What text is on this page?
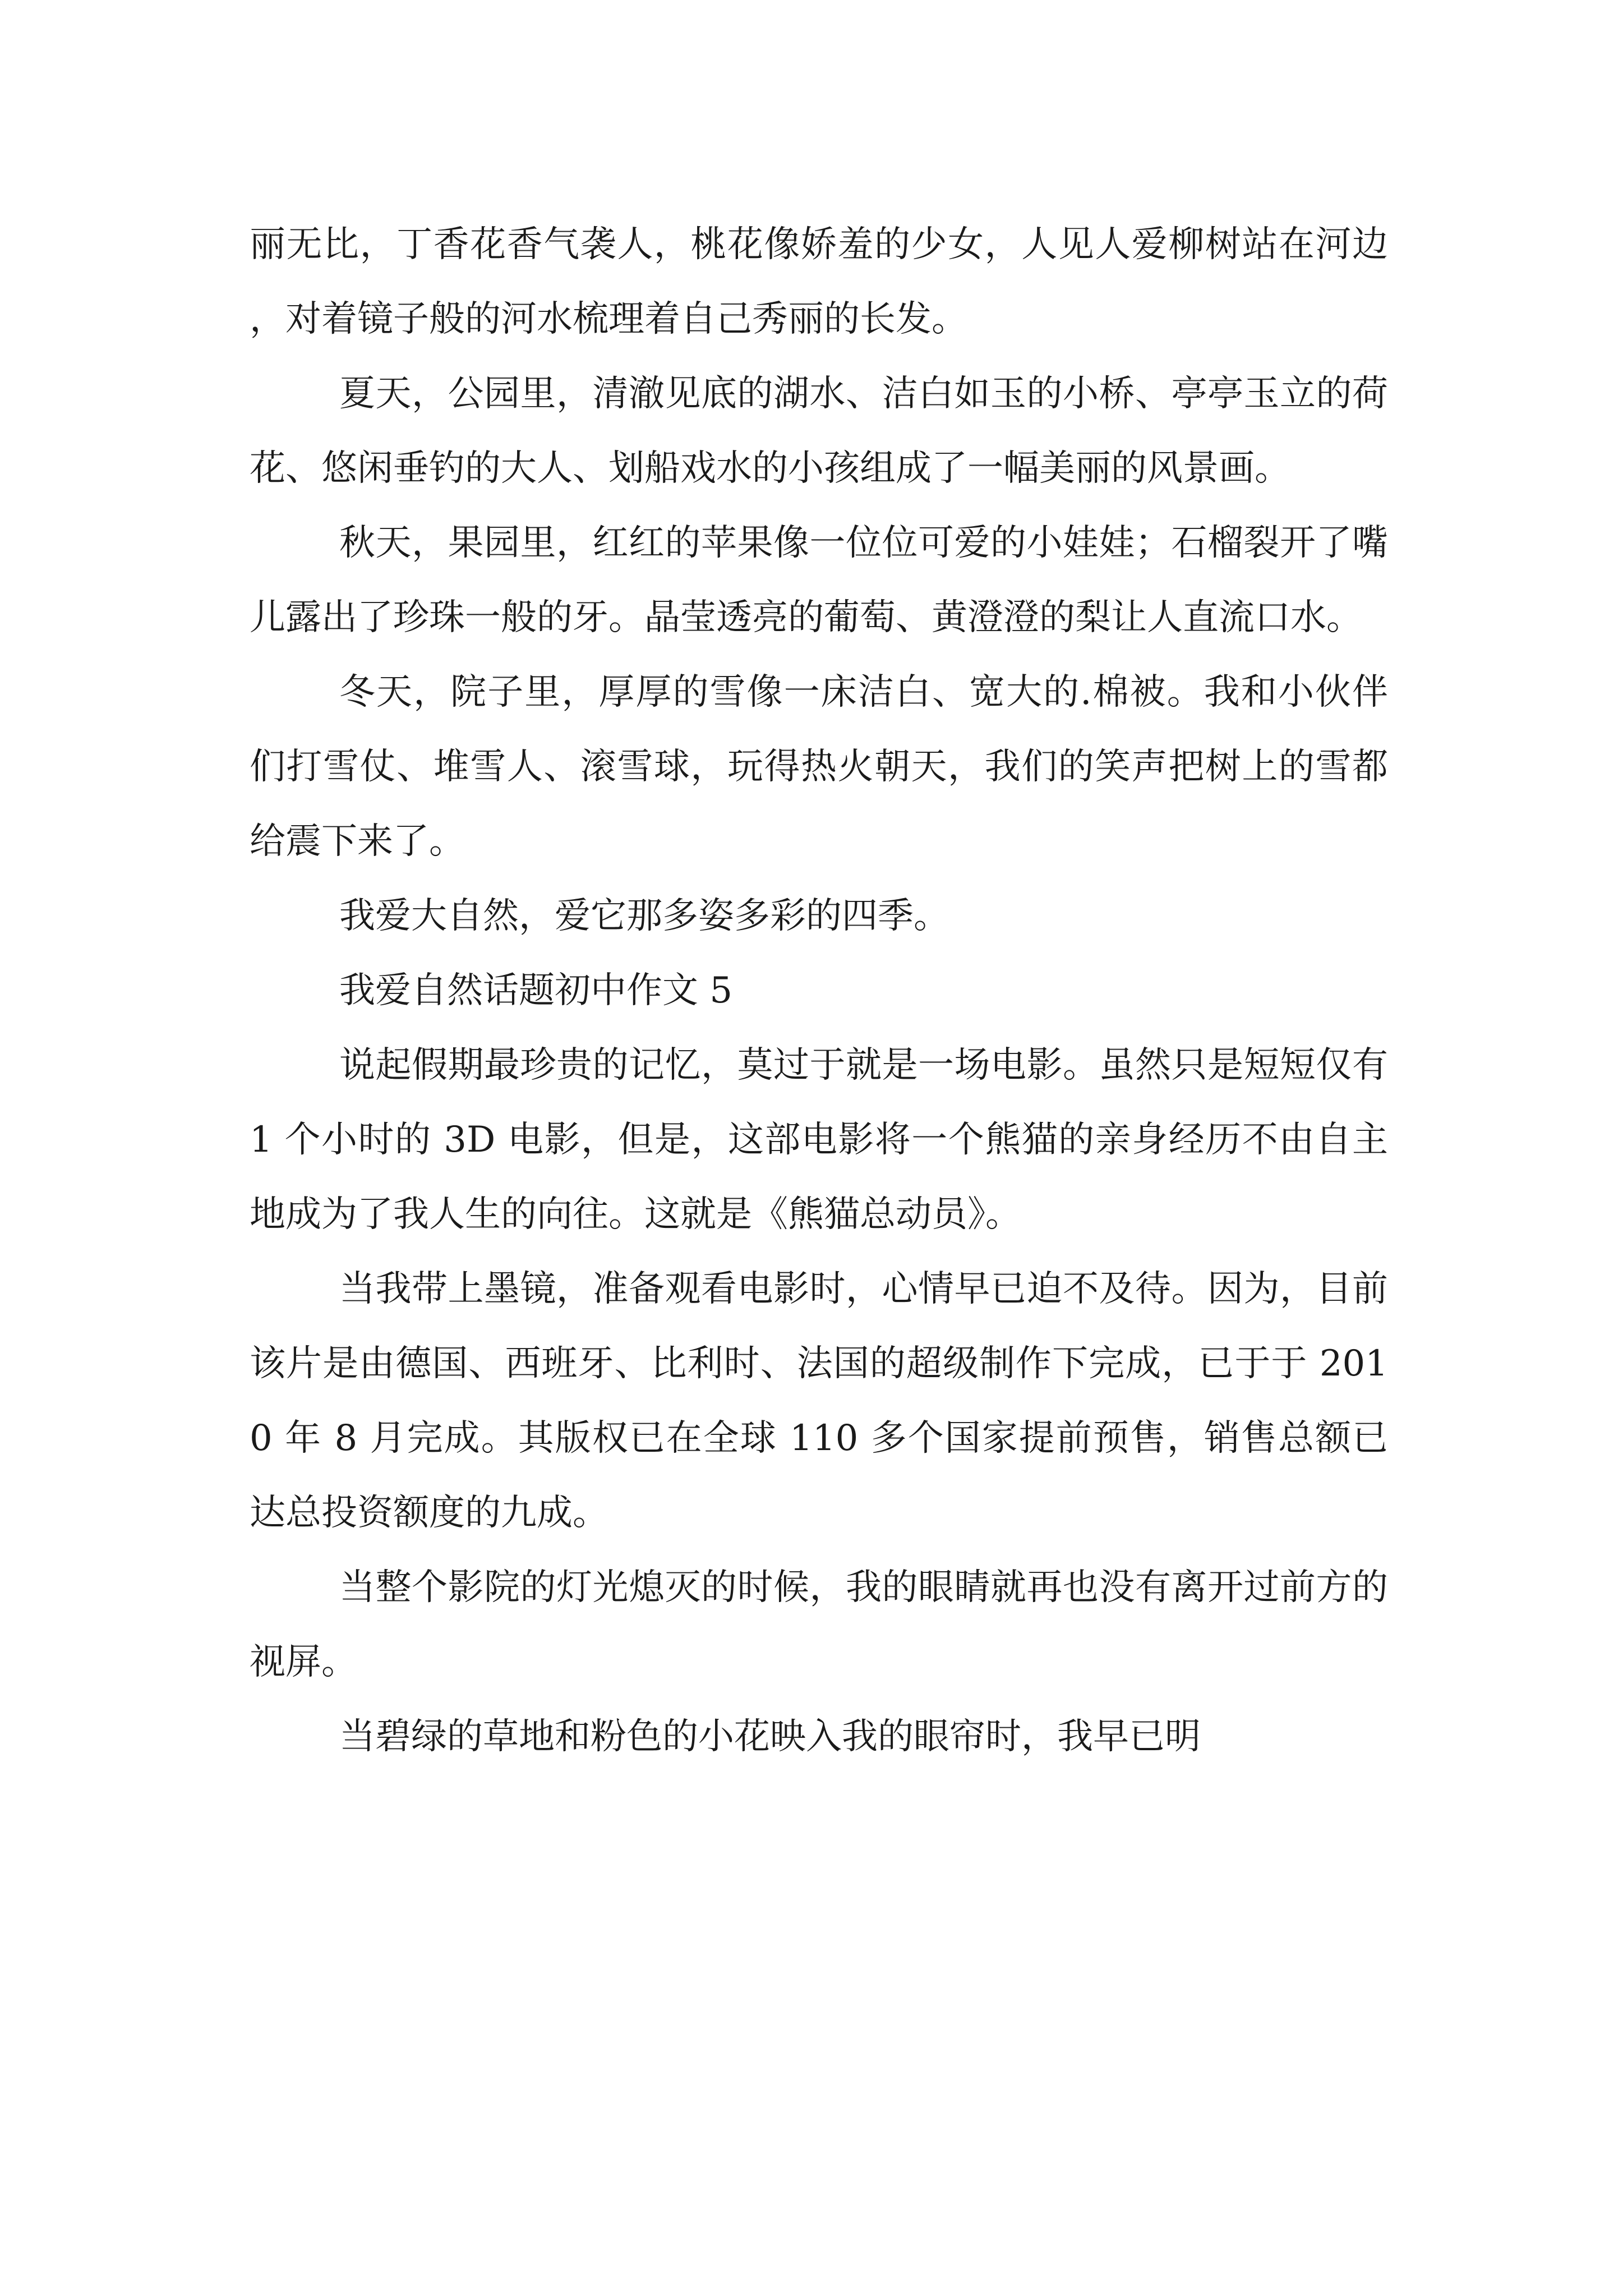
丽无比，丁香花香气袭人，桃花像娇羞的少女，人见人爱柳树站在河边，对着镜子般的河水梳理着自己秀丽的长发。

夏天，公园里，清澈见底的湖水、洁白如玉的小桥、亭亭玉立的荷花、悠闲垂钓的大人、划船戏水的小孩组成了一幅美丽的风景画。

秋天，果园里，红红的苹果像一位位可爱的小娃娃；石榴裂开了嘴儿露出了珍珠一般的牙。晶莹透亮的葡萄、黄澄澄的梨让人直流口水。

冬天，院子里，厚厚的雪像一床洁白、宽大的.棉被。我和小伙伴们打雪仗、堆雪人、滚雪球，玩得热火朝天，我们的笑声把树上的雪都给震下来了。

我爱大自然，爱它那多姿多彩的四季。

我爱自然话题初中作文 5

说起假期最珍贵的记忆，莫过于就是一场电影。虽然只是短短仅有 1 个小时的 3D 电影，但是，这部电影将一个熊猫的亲身经历不由自主地成为了我人生的向往。这就是《熊猫总动员》。

当我带上墨镜，准备观看电影时，心情早已迫不及待。因为，目前该片是由德国、西班牙、比利时、法国的超级制作下完成，已于于 2010 年 8 月完成。其版权已在全球 110 多个国家提前预售，销售总额已达总投资额度的九成。

当整个影院的灯光熄灭的时候，我的眼睛就再也没有离开过前方的视屏。

当碧绿的草地和粉色的小花映入我的眼帘时，我早已明
